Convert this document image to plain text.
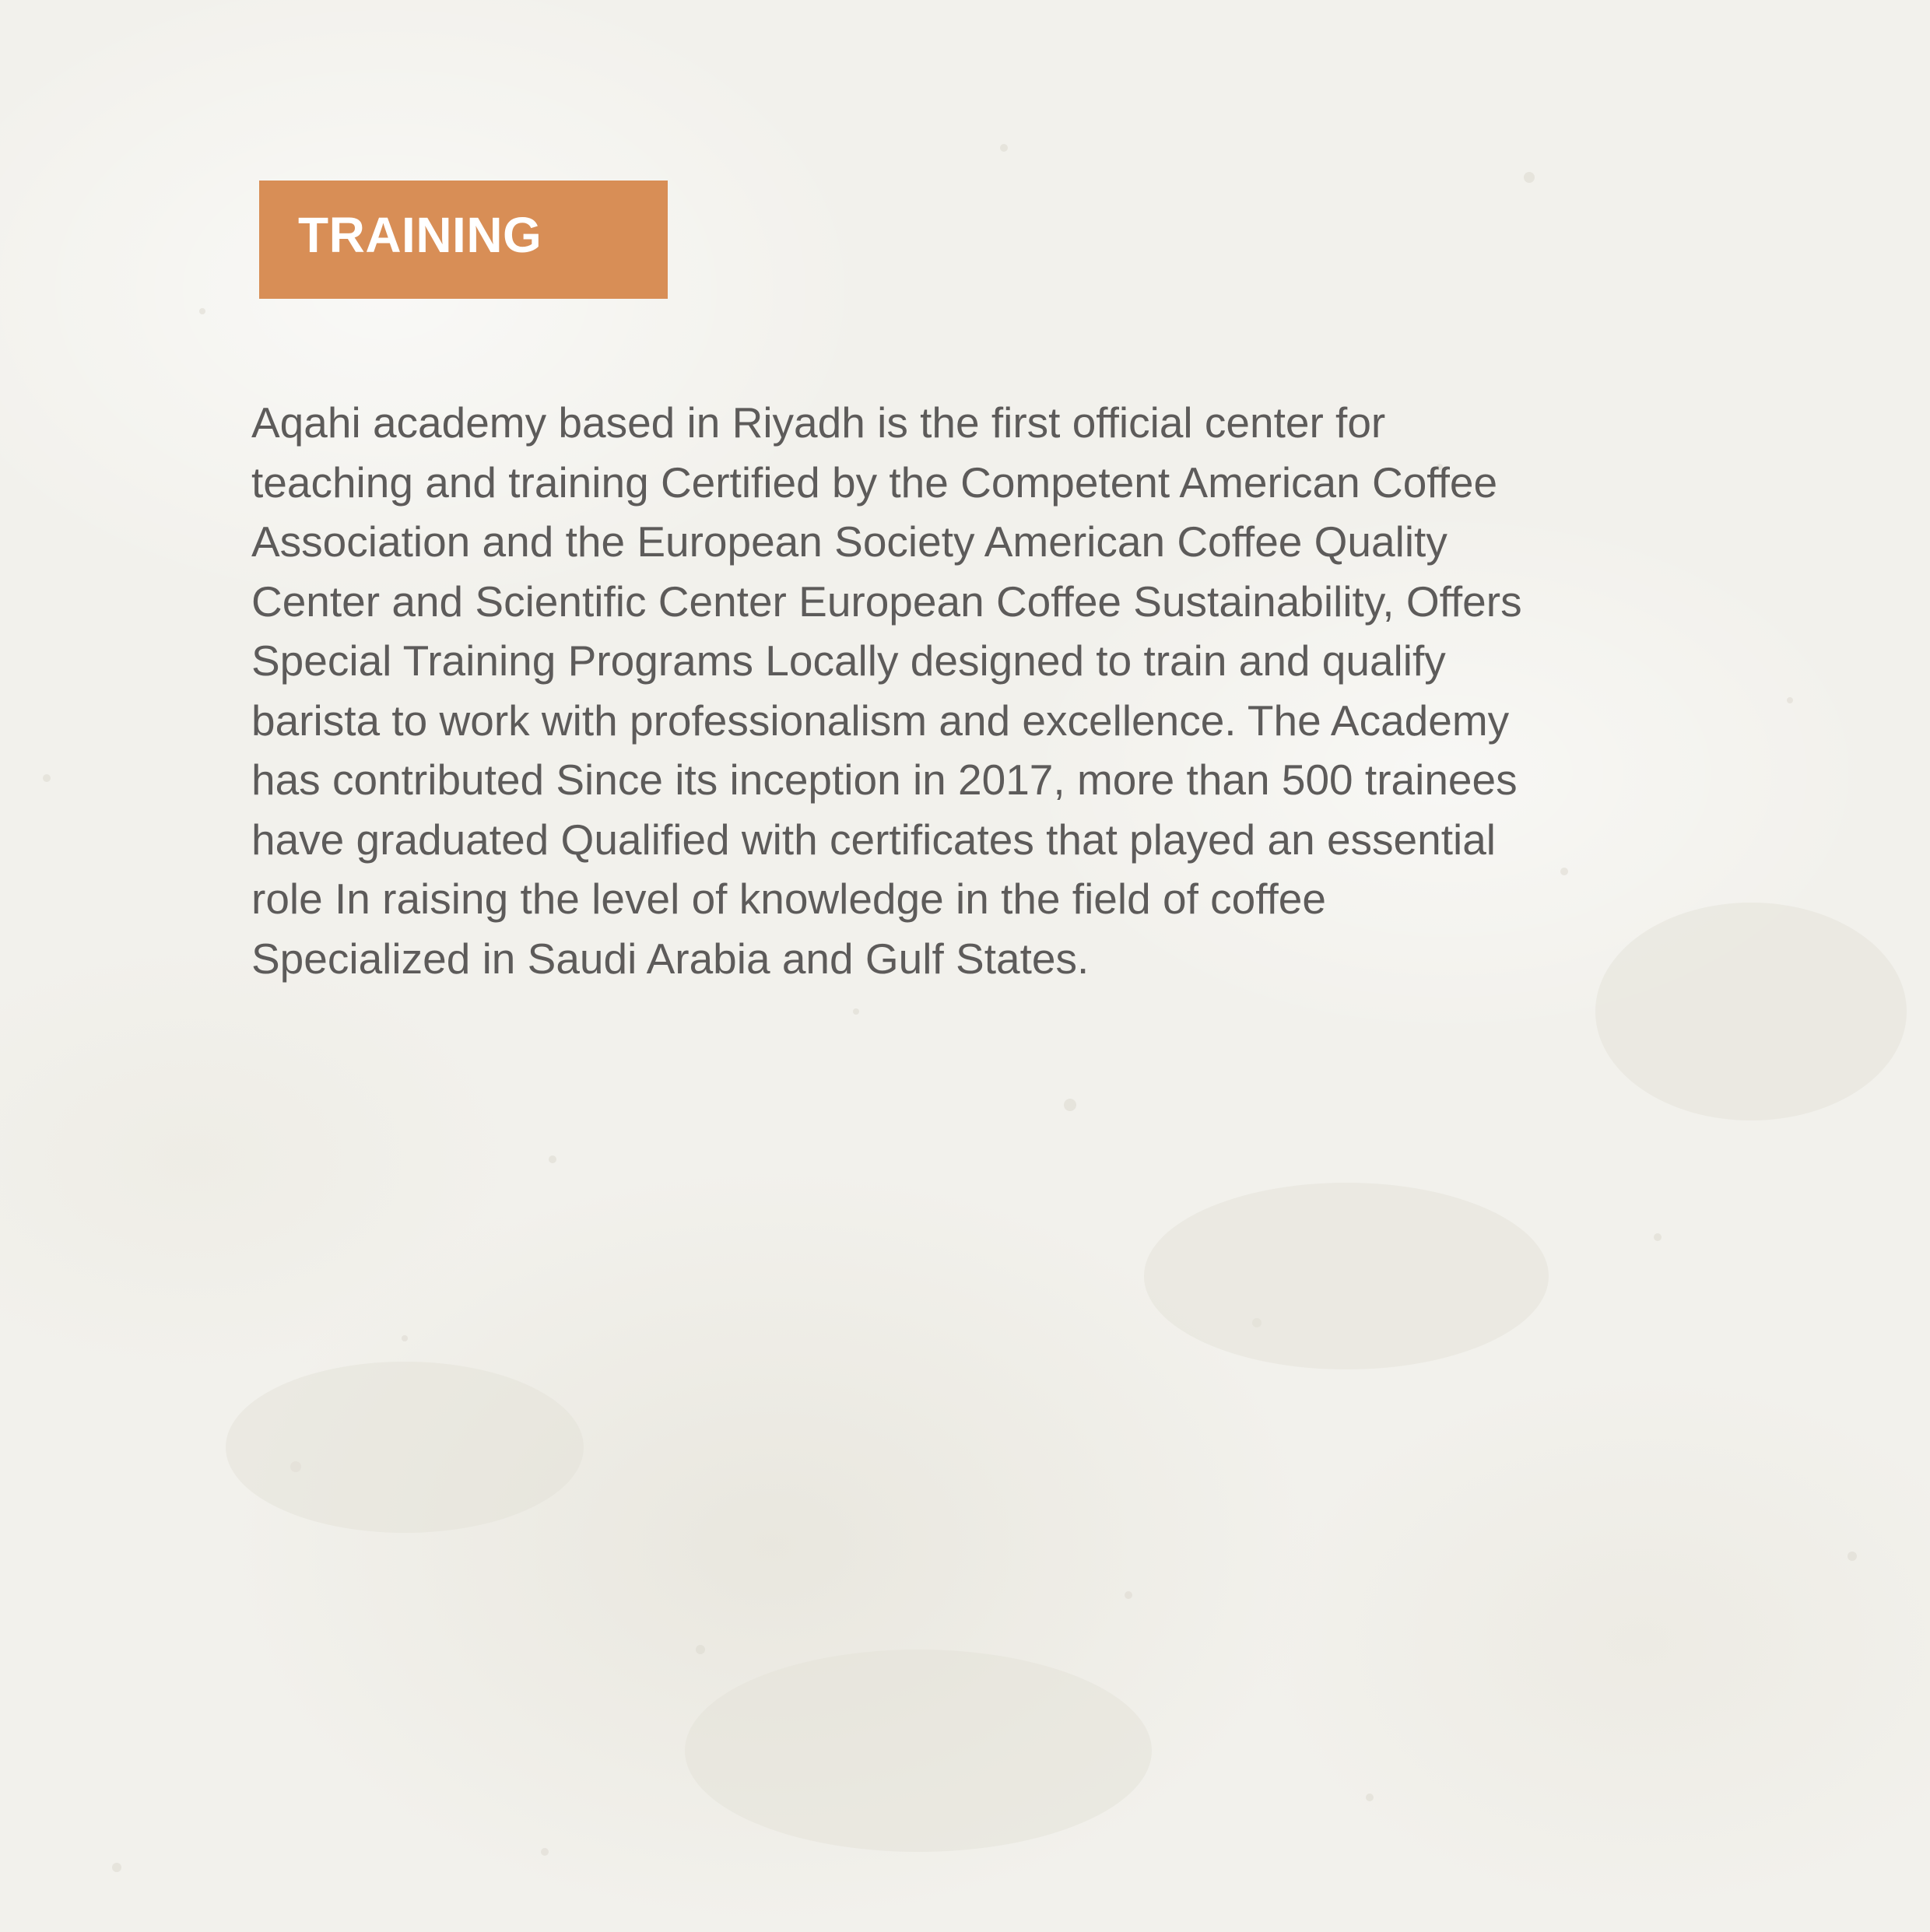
TRAINING

Aqahi academy based in Riyadh is the first official center for
teaching and training Certified by the Competent American Coffee
Association and the European Society American Coffee Quality
Center and Scientific Center European Coffee Sustainability, Offers
Special Training Programs Locally designed to train and qualify
barista to work with professionalism and excellence. The Academy
has contributed Since its inception in 2017, more than 500 trainees
have graduated Qualified with certificates that played an essential
role In raising the level of knowledge in the field of coffee
Specialized in Saudi Arabia and Gulf States.
